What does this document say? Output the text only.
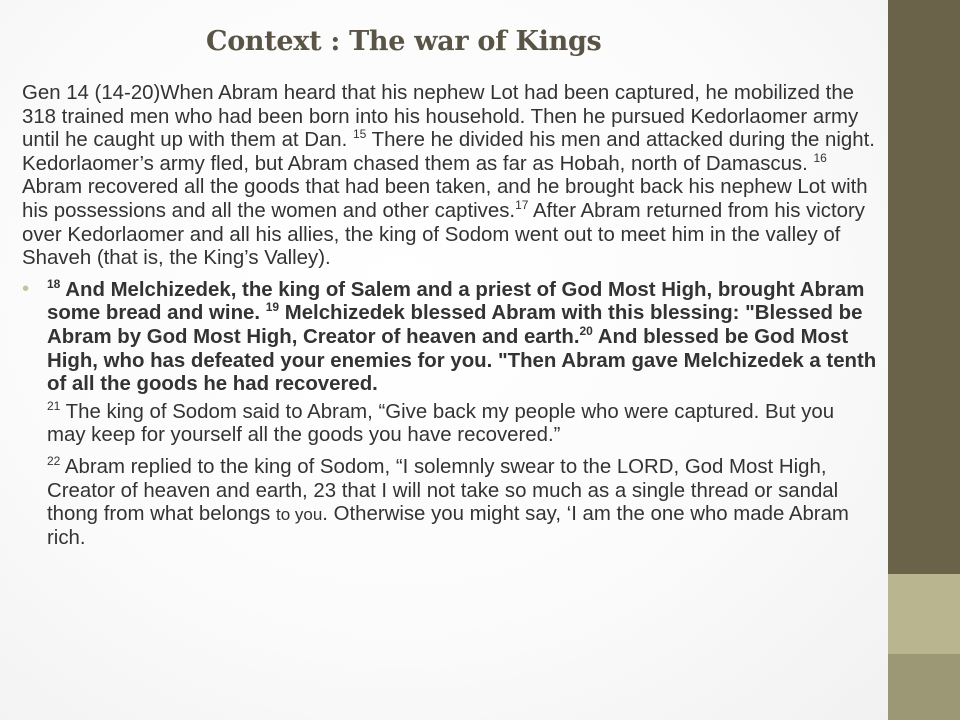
Context : The war of Kings

Gen 14 (14-20)When Abram heard that his nephew Lot had been captured, he mobilized the 318 trained men who had been born into his household. Then he pursued Kedorlaomer army until he caught up with them at Dan. $^{15}$ There he divided his men and attacked during the night. Kedorlaomer’s army fled, but Abram chased them as far as Hobah, north of Damascus. $^{16}$ Abram recovered all the goods that had been taken, and he brought back his nephew Lot with his possessions and all the women and other captives.$^{17}$ After Abram returned from his victory over Kedorlaomer and all his allies, the king of Sodom went out to meet him in the valley of Shaveh (that is, the King’s Valley).

• $^{18}$ And Melchizedek, the king of Salem and a priest of God Most High, brought Abram some bread and wine. $^{19}$ Melchizedek blessed Abram with this blessing: "Blessed be Abram by God Most High, Creator of heaven and earth.$^{20}$ And blessed be God Most High, who has defeated your enemies for you. "Then Abram gave Melchizedek a tenth of all the goods he had recovered.

$^{21}$ The king of Sodom said to Abram, “Give back my people who were captured. But you may keep for yourself all the goods you have recovered.”

$^{22}$ Abram replied to the king of Sodom, “I solemnly swear to the LORD, God Most High, Creator of heaven and earth, 23 that I will not take so much as a single thread or sandal thong from what belongs to you. Otherwise you might say, ‘I am the one who made Abram rich.
